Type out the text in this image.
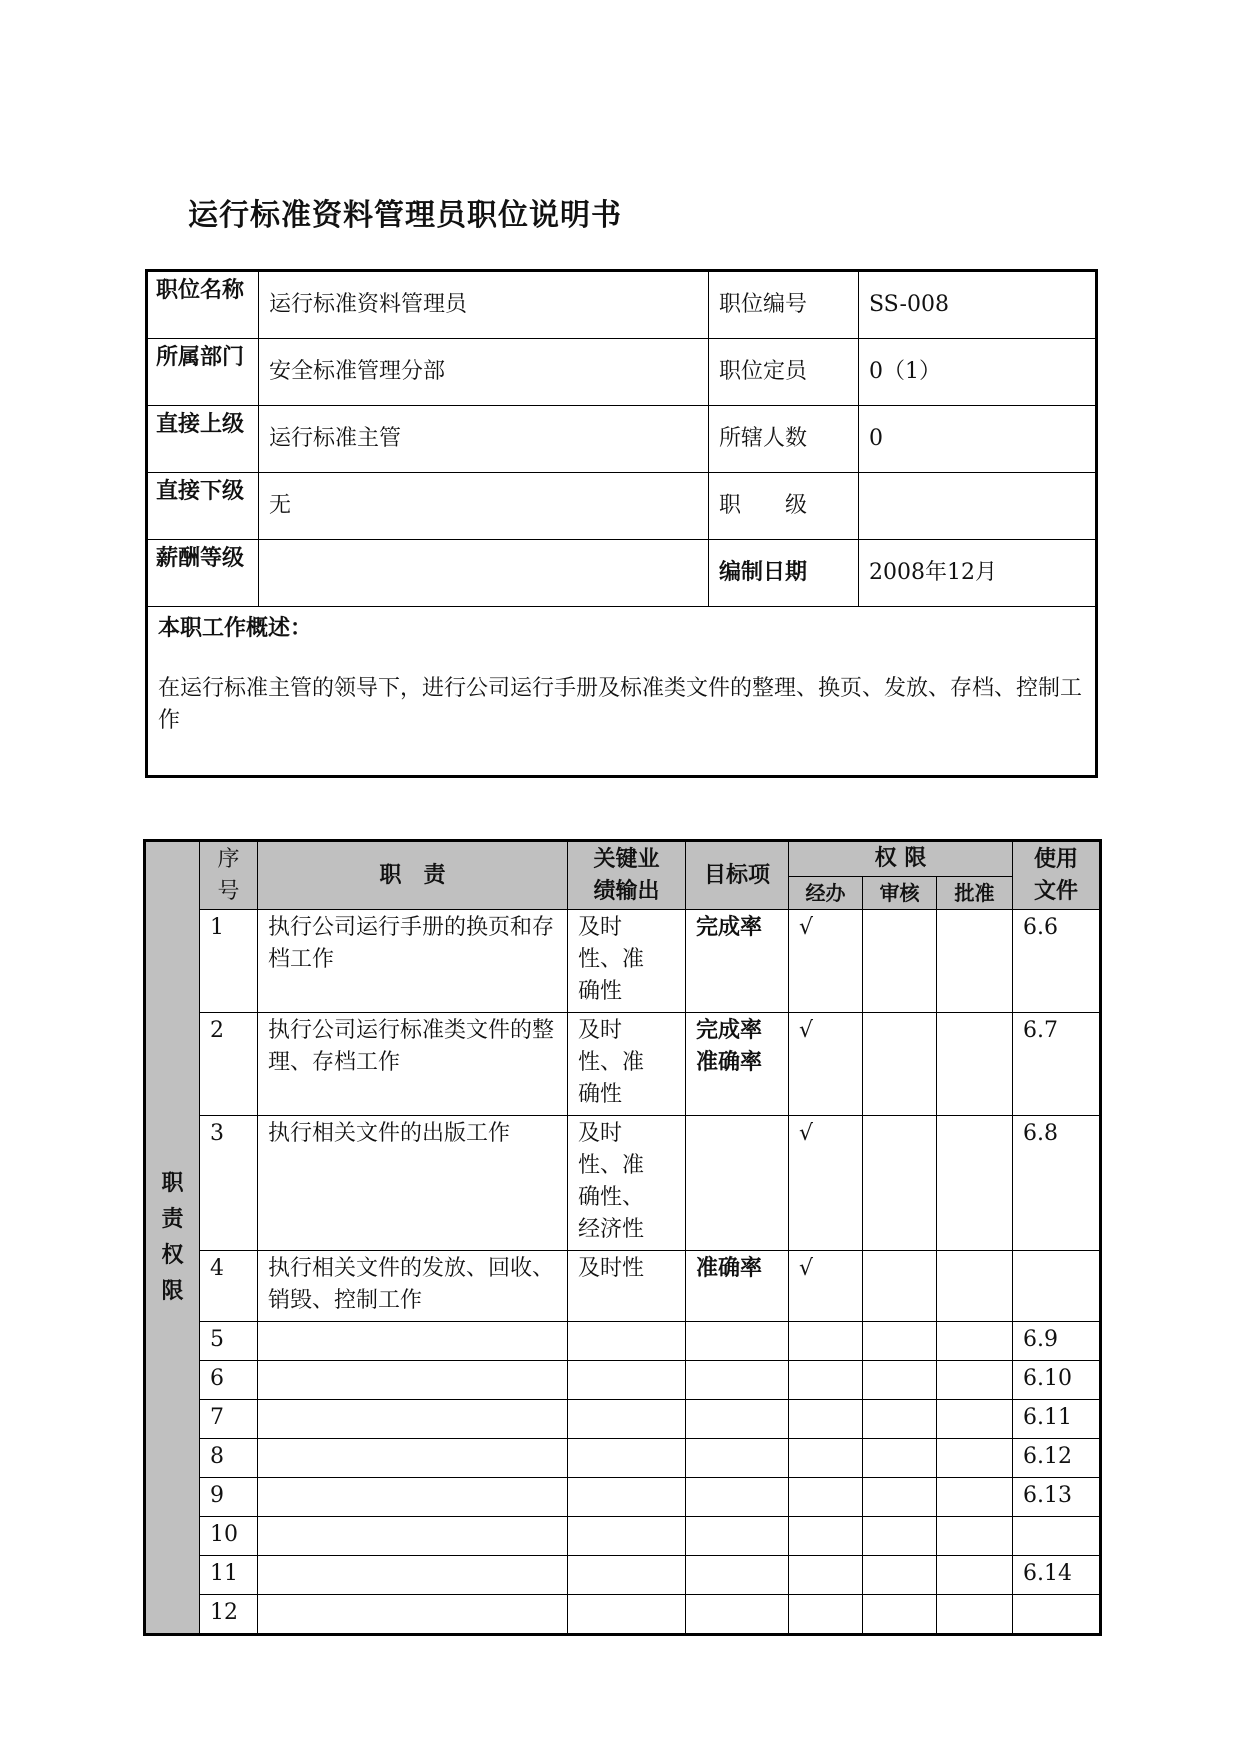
运行标准资料管理员职位说明书
职位名称	运行标准资料管理员	职位编号	SS-008
所属部门	安全标准管理分部	职位定员	0（1）
直接上级	运行标准主管	所辖人数	0
直接下级	无	职　　级	
薪酬等级		编制日期	2008年12月

本职工作概述：
在运行标准主管的领导下，进行公司运行手册及标准类文件的整理、换页、发放、存档、控制工作			
职责权限	序号	职　责	关键业绩输出	目标项	权 限			使用文件
					经办	审核	批准	
	1	执行公司运行手册的换页和存档工作	及时性、准确性	完成率	√			6.6
	2	执行公司运行标准类文件的整理、存档工作	及时性、准确性	完成率 准确率	√			6.7
	3	执行相关文件的出版工作	及时性、准确性、经济性		√			6.8
	4	执行相关文件的发放、回收、销毁、控制工作	及时性	准确率	√			
	5							6.9
	6							6.10
	7							6.11
	8							6.12
	9							6.13
	10							
	11							6.14
	12							
